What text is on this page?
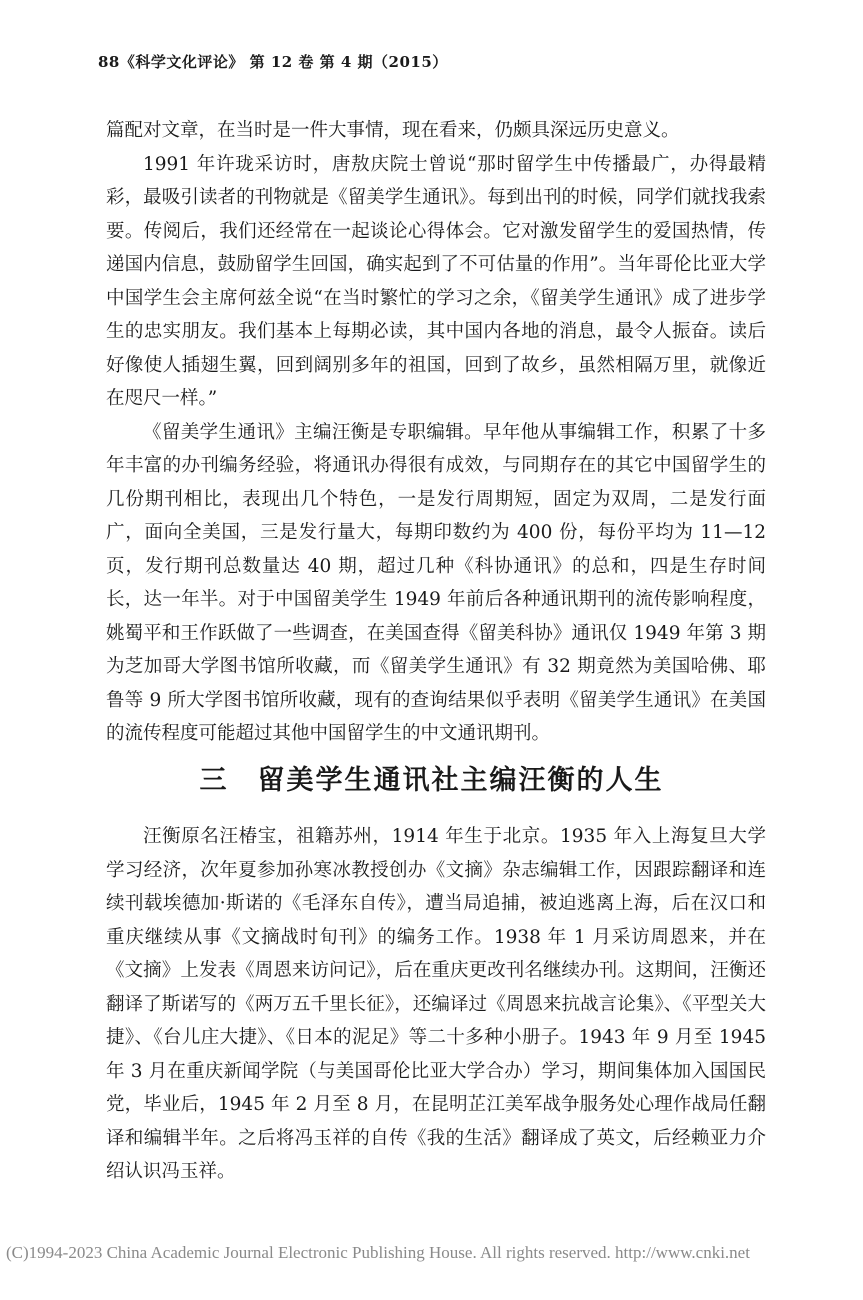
88《科学文化评论》 第 12 卷 第 4 期（2015）

篇配对文章，在当时是一件大事情，现在看来，仍颇具深远历史意义。

1991 年许珑采访时，唐敖庆院士曾说“那时留学生中传播最广，办得最精彩，最吸引读者的刊物就是《留美学生通讯》。每到出刊的时候，同学们就找我索要。传阅后，我们还经常在一起谈论心得体会。它对激发留学生的爱国热情，传递国内信息，鼓励留学生回国，确实起到了不可估量的作用”。当年哥伦比亚大学中国学生会主席何兹全说“在当时繁忙的学习之余，《留美学生通讯》成了进步学生的忠实朋友。我们基本上每期必读，其中国内各地的消息，最令人振奋。读后好像使人插翅生翼，回到阔别多年的祖国，回到了故乡，虽然相隔万里，就像近在咫尺一样。”

《留美学生通讯》主编汪衡是专职编辑。早年他从事编辑工作，积累了十多年丰富的办刊编务经验，将通讯办得很有成效，与同期存在的其它中国留学生的几份期刊相比，表现出几个特色，一是发行周期短，固定为双周，二是发行面广，面向全美国，三是发行量大，每期印数约为 400 份，每份平均为 11—12 页，发行期刊总数量达 40 期，超过几种《科协通讯》的总和，四是生存时间长，达一年半。对于中国留美学生 1949 年前后各种通讯期刊的流传影响程度，姚蜀平和王作跃做了一些调查，在美国查得《留美科协》通讯仅 1949 年第 3 期为芝加哥大学图书馆所收藏，而《留美学生通讯》有 32 期竟然为美国哈佛、耶鲁等 9 所大学图书馆所收藏，现有的查询结果似乎表明《留美学生通讯》在美国的流传程度可能超过其他中国留学生的中文通讯期刊。

三　留美学生通讯社主编汪衡的人生

汪衡原名汪椿宝，祖籍苏州，1914 年生于北京。1935 年入上海复旦大学学习经济，次年夏参加孙寒冰教授创办《文摘》杂志编辑工作，因跟踪翻译和连续刊载埃德加·斯诺的《毛泽东自传》，遭当局追捕，被迫逃离上海，后在汉口和重庆继续从事《文摘战时旬刊》的编务工作。1938 年 1 月采访周恩来，并在《文摘》上发表《周恩来访问记》，后在重庆更改刊名继续办刊。这期间，汪衡还翻译了斯诺写的《两万五千里长征》，还编译过《周恩来抗战言论集》、《平型关大捷》、《台儿庄大捷》、《日本的泥足》等二十多种小册子。1943 年 9 月至 1945 年 3 月在重庆新闻学院（与美国哥伦比亚大学合办）学习，期间集体加入国国民党，毕业后，1945 年 2 月至 8 月，在昆明芷江美军战争服务处心理作战局任翻译和编辑半年。之后将冯玉祥的自传《我的生活》翻译成了英文，后经赖亚力介绍认识冯玉祥。

(C)1994-2023 China Academic Journal Electronic Publishing House. All rights reserved. http://www.cnki.net
